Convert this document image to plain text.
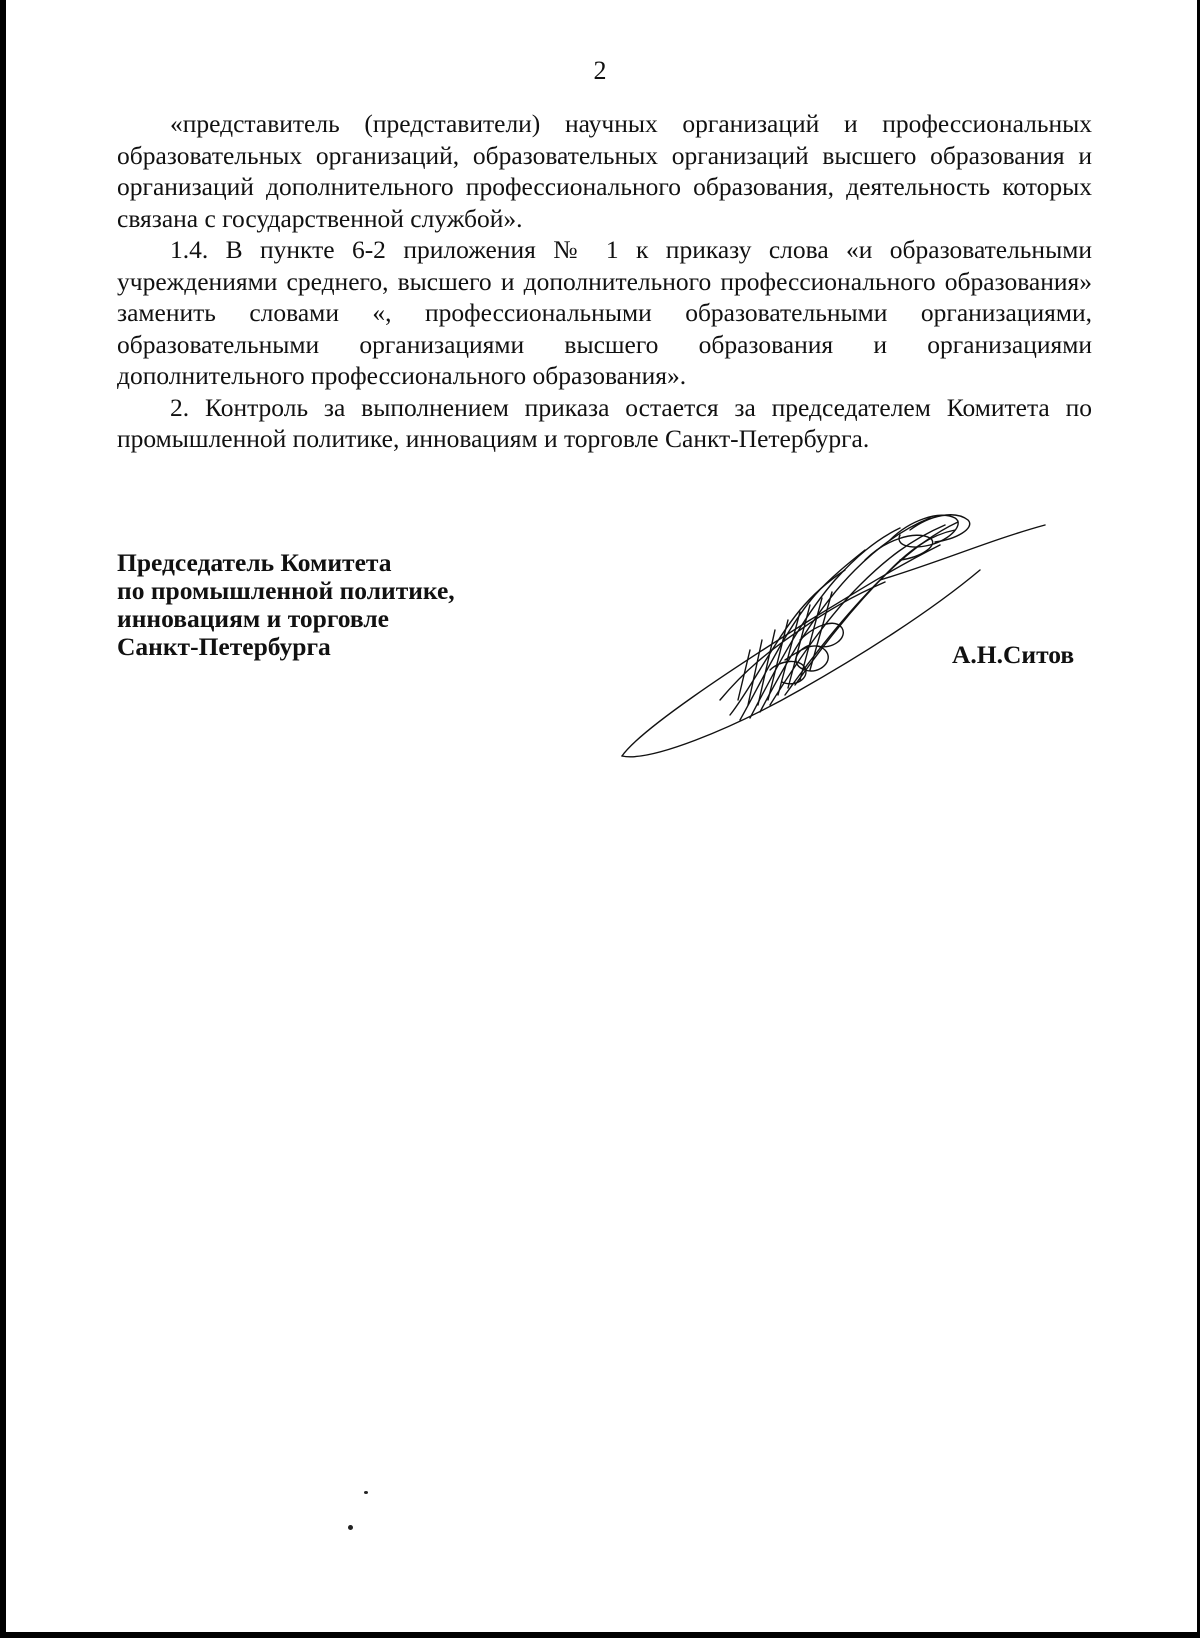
2

«представитель (представители) научных организаций и профессиональных образовательных организаций, образовательных организаций высшего образования и организаций дополнительного профессионального образования, деятельность которых связана с государственной службой».

1.4. В пункте 6-2 приложения № 1 к приказу слова «и образовательными учреждениями среднего, высшего и дополнительного профессионального образования» заменить словами «, профессиональными образовательными организациями, образовательными организациями высшего образования и организациями дополнительного профессионального образования».

2. Контроль за выполнением приказа остается за председателем Комитета по промышленной политике, инновациям и торговле Санкт-Петербурга.

Председатель Комитета
по промышленной политике,
инновациям и торговле
Санкт-Петербурга	А.Н.Ситов
